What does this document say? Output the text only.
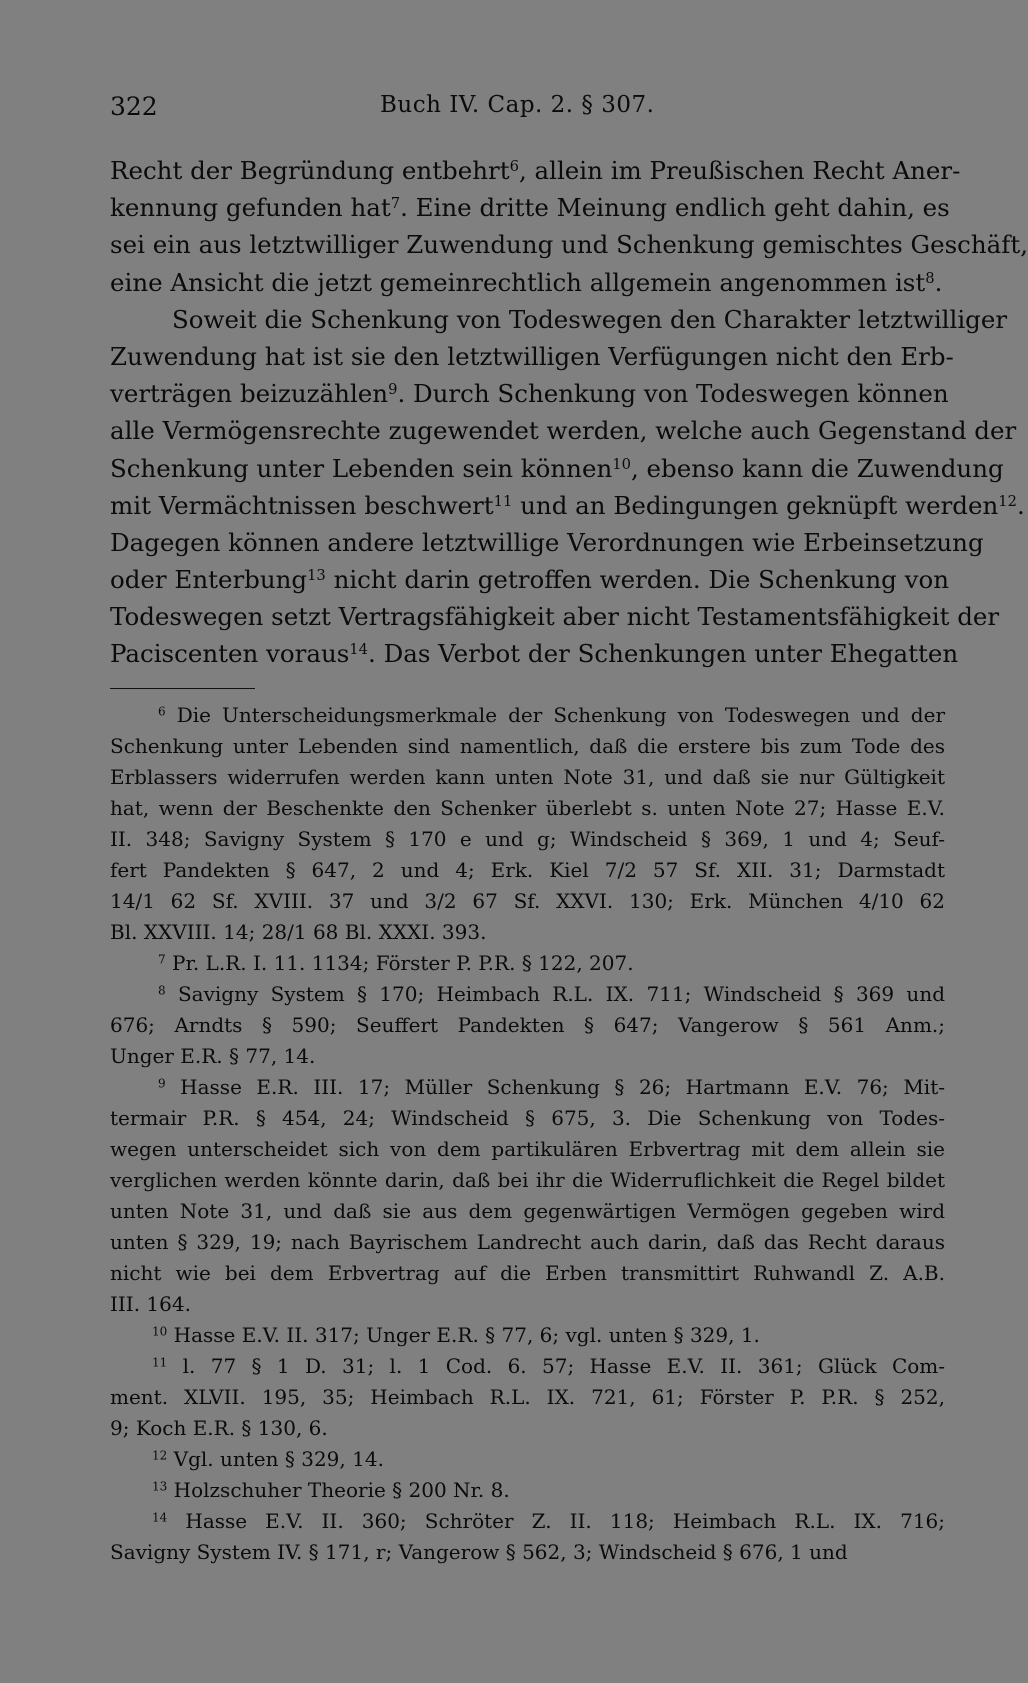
322	Buch IV. Cap. 2. § 307.
Recht der Begründung entbehrt$^6$, allein im Preußischen Recht Aner-
kennung gefunden hat$^7$. Eine dritte Meinung endlich geht dahin, es
sei ein aus letztwilliger Zuwendung und Schenkung gemischtes Geschäft,
eine Ansicht die jetzt gemeinrechtlich allgemein angenommen ist$^8$.
Soweit die Schenkung von Todeswegen den Charakter letztwilliger
Zuwendung hat ist sie den letztwilligen Verfügungen nicht den Erb-
verträgen beizuzählen$^9$. Durch Schenkung von Todeswegen können
alle Vermögensrechte zugewendet werden, welche auch Gegenstand der
Schenkung unter Lebenden sein können$^{10}$, ebenso kann die Zuwendung
mit Vermächtnissen beschwert$^{11}$ und an Bedingungen geknüpft werden$^{12}$.
Dagegen können andere letztwillige Verordnungen wie Erbeinsetzung
oder Enterbung$^{13}$ nicht darin getroffen werden. Die Schenkung von
Todeswegen setzt Vertragsfähigkeit aber nicht Testamentsfähigkeit der
Paciscenten voraus$^{14}$. Das Verbot der Schenkungen unter Ehegatten
$^6$ Die Unterscheidungsmerkmale der Schenkung von Todeswegen und der
Schenkung unter Lebenden sind namentlich, daß die erstere bis zum Tode des
Erblassers widerrufen werden kann unten Note 31, und daß sie nur Gültigkeit
hat, wenn der Beschenkte den Schenker überlebt s. unten Note 27; Hasse E.V.
II. 348; Savigny System § 170 e und g; Windscheid § 369, 1 und 4; Seuf-
fert Pandekten § 647, 2 und 4; Erk. Kiel 7/2 57 Sf. XII. 31; Darmstadt
14/1 62 Sf. XVIII. 37 und 3/2 67 Sf. XXVI. 130; Erk. München 4/10 62
Bl. XXVIII. 14; 28/1 68 Bl. XXXI. 393.
$^7$ Pr. L.R. I. 11. 1134; Förster P. P.R. § 122, 207.
$^8$ Savigny System § 170; Heimbach R.L. IX. 711; Windscheid § 369 und
676; Arndts § 590; Seuffert Pandekten § 647; Vangerow § 561 Anm.;
Unger E.R. § 77, 14.
$^9$ Hasse E.R. III. 17; Müller Schenkung § 26; Hartmann E.V. 76; Mit-
termair P.R. § 454, 24; Windscheid § 675, 3. Die Schenkung von Todes-
wegen unterscheidet sich von dem partikulären Erbvertrag mit dem allein sie
verglichen werden könnte darin, daß bei ihr die Widerruflichkeit die Regel bildet
unten Note 31, und daß sie aus dem gegenwärtigen Vermögen gegeben wird
unten § 329, 19; nach Bayrischem Landrecht auch darin, daß das Recht daraus
nicht wie bei dem Erbvertrag auf die Erben transmittirt Ruhwandl Z. A.B.
III. 164.
$^{10}$ Hasse E.V. II. 317; Unger E.R. § 77, 6; vgl. unten § 329, 1.
$^{11}$ l. 77 § 1 D. 31; l. 1 Cod. 6. 57; Hasse E.V. II. 361; Glück Com-
ment. XLVII. 195, 35; Heimbach R.L. IX. 721, 61; Förster P. P.R. § 252,
9; Koch E.R. § 130, 6.
$^{12}$ Vgl. unten § 329, 14.
$^{13}$ Holzschuher Theorie § 200 Nr. 8.
$^{14}$ Hasse E.V. II. 360; Schröter Z. II. 118; Heimbach R.L. IX. 716;
Savigny System IV. § 171, r; Vangerow § 562, 3; Windscheid § 676, 1 und
